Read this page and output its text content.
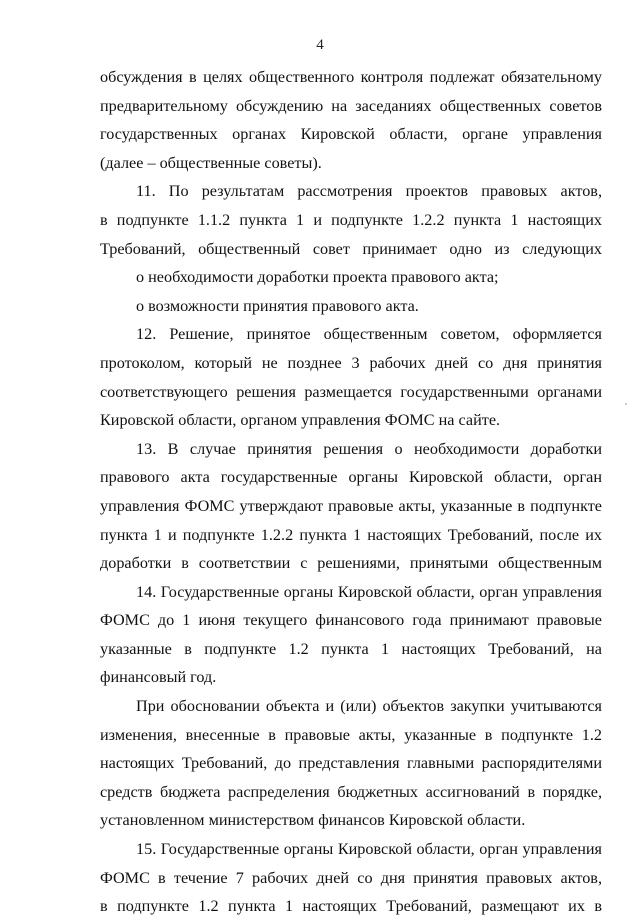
4
обсуждения в целях общественного контроля подлежат обязательному
предварительному обсуждению на заседаниях общественных советов
государственных органах Кировской области, органе управления
(далее – общественные советы).
11. По результатам рассмотрения проектов правовых актов,
в подпункте 1.1.2 пункта 1 и подпункте 1.2.2 пункта 1 настоящих
Требований, общественный совет принимает одно из следующих
о необходимости доработки проекта правового акта;
о возможности принятия правового акта.
12. Решение, принятое общественным советом, оформляется
протоколом, который не позднее 3 рабочих дней со дня принятия
соответствующего решения размещается государственными органами
Кировской области, органом управления ФОМС на сайте.
13. В случае принятия решения о необходимости доработки
правового акта государственные органы Кировской области, орган
управления ФОМС утверждают правовые акты, указанные в подпункте
пункта 1 и подпункте 1.2.2 пункта 1 настоящих Требований, после их
доработки в соответствии с решениями, принятыми общественным
14. Государственные органы Кировской области, орган управления
ФОМС до 1 июня текущего финансового года принимают правовые
указанные в подпункте 1.2 пункта 1 настоящих Требований, на
финансовый год.
При обосновании объекта и (или) объектов закупки учитываются
изменения, внесенные в правовые акты, указанные в подпункте 1.2
настоящих Требований, до представления главными распорядителями
средств бюджета распределения бюджетных ассигнований в порядке,
установленном министерством финансов Кировской области.
15. Государственные органы Кировской области, орган управления
ФОМС в течение 7 рабочих дней со дня принятия правовых актов,
в подпункте 1.2 пункта 1 настоящих Требований, размещают их в
